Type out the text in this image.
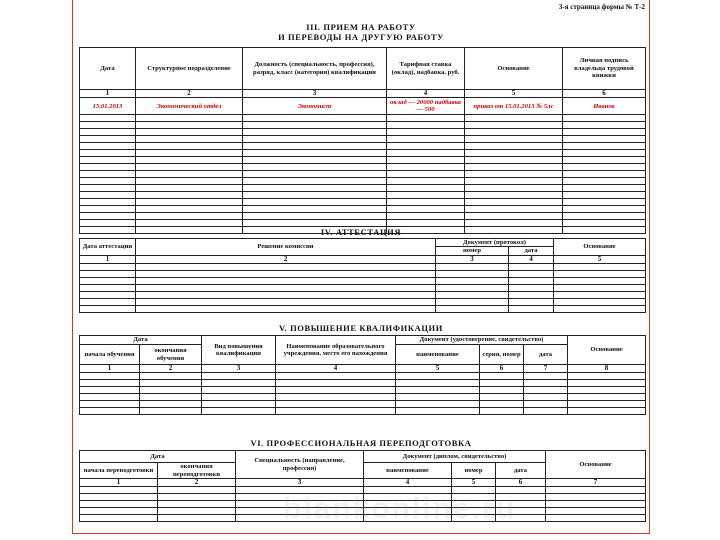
3-я страница формы № Т-2
III. ПРИЕМ НА РАБОТУ
И ПЕРЕВОДЫ НА ДРУГУЮ РАБОТУ
Дата	Структурное подразделение	Должность (специальность, профессия), разряд, класс (категория) квалификации	Тарифная ставка (оклад), надбавка, руб.	Основание	Личная подпись владельца трудовой книжки
1	2	3	4	5	6
15.01.2013	Экономический отдел	Экономист	оклад — 20000 надбавка — 500	приказ от 15.01.2013 № 5лс	Иванов

IV. АТТЕСТАЦИЯ
Дата аттестации	Решение комиссии	Документ (протокол)		Основание
		номер	дата	
1	2	3	4	5

V. ПОВЫШЕНИЕ КВАЛИФИКАЦИИ
Дата		Вид повышения квалификации	Наименование образовательного учреждения, место его нахождения	Документ (удостоверение, свидетельство)			Основание
начала обучения	окончания обучения			наименование	серия, номер	дата	
1	2	3	4	5	6	7	8

VI. ПРОФЕССИОНАЛЬНАЯ ПЕРЕПОДГОТОВКА
Дата		Специальность (направление, профессия)	Документ (диплом, свидетельство)			Основание
начала переподготовки	окончания переподготовки		наименование	номер	дата	
1	2	3	4	5	6	7

blankonline.ru
